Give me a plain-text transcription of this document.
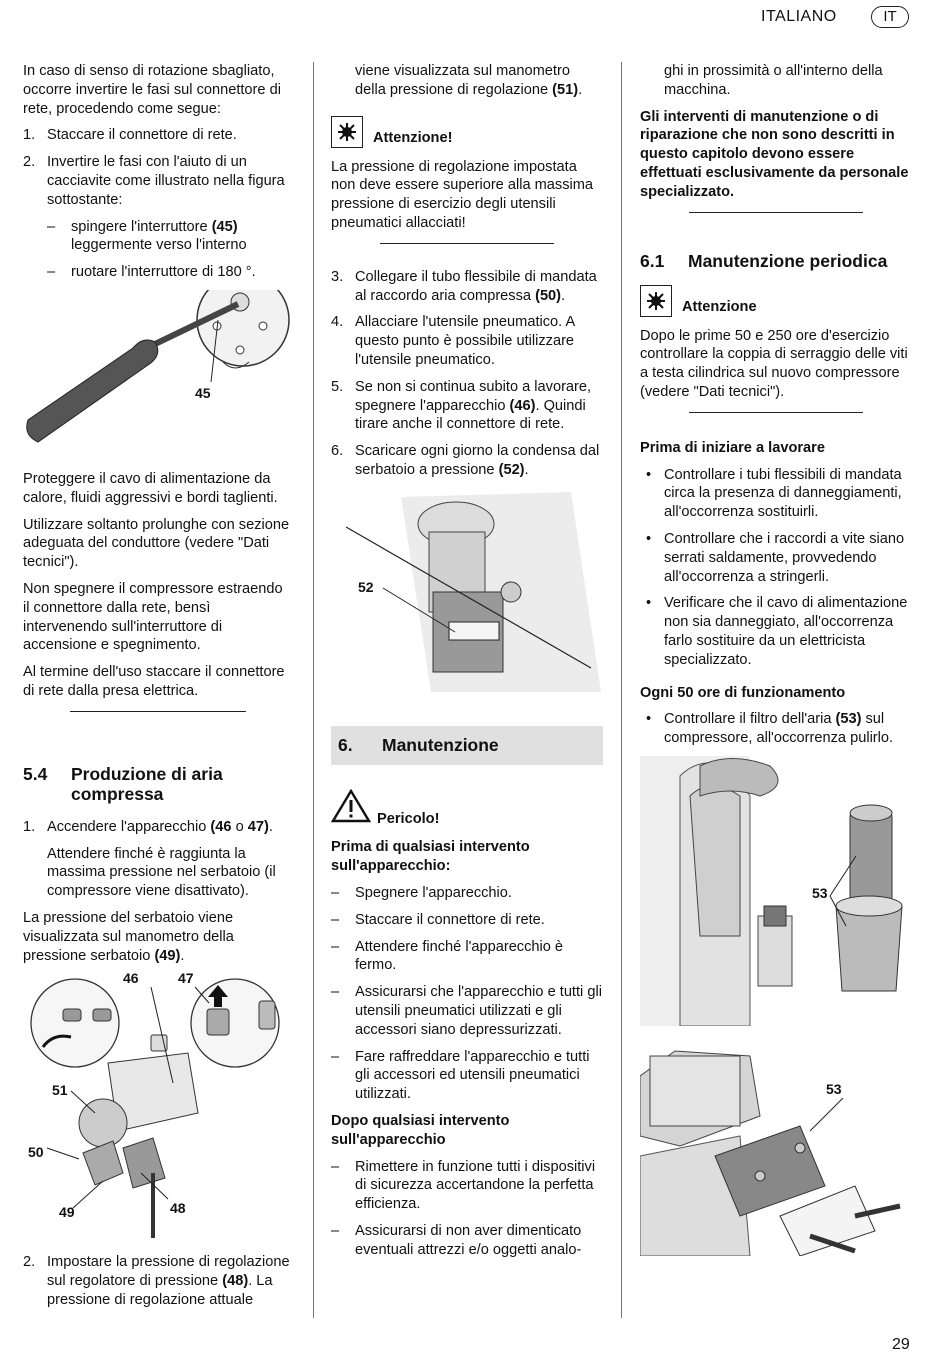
ITALIANO	IT

In caso di senso di rotazione sbagliato, occorre invertire le fasi sul connettore di rete, procedendo come segue:

1. Staccare il connettore di rete.
2. Invertire le fasi con l'aiuto di un cacciavite come illustrato nella figura sottostante:
–	spingere l'interruttore (45) leggermente verso l'interno
–	ruotare l'interruttore di 180 °.
45

Proteggere il cavo di alimentazione da calore, fluidi aggressivi e bordi taglienti.

Utilizzare soltanto prolunghe con sezione adeguata del conduttore (vedere "Dati tecnici").

Non spegnere il compressore estraendo il connettore dalla rete, bensì intervenendo sull'interruttore di accensione e spegnimento.

Al termine dell'uso staccare il connettore di rete dalla presa elettrica.

5.4	Produzione di aria compressa
1. Accendere l'apparecchio (46 o 47).

Attendere finché è raggiunta la massima pressione nel serbatoio (il compressore viene disattivato).

La pressione del serbatoio viene visualizzata sul manometro della pressione serbatoio (49).

46	47
51
50
49	48
2. Impostare la pressione di regolazione sul regolatore di pressione (48). La pressione di regolazione attuale

viene visualizzata sul manometro della pressione di regolazione (51).

Attenzione!

La pressione di regolazione impostata non deve essere superiore alla massima pressione di esercizio degli utensili pneumatici allacciati!

3. Collegare il tubo flessibile di mandata al raccordo aria compressa (50).
4. Allacciare l'utensile pneumatico. A questo punto è possibile utilizzare l'utensile pneumatico.
5. Se non si continua subito a lavorare, spegnere l'apparecchio (46). Quindi tirare anche il connettore di rete.
6. Scaricare ogni giorno la condensa dal serbatoio a pressione (52).
52
6.	Manutenzione
Pericolo!

Prima di qualsiasi intervento sull'apparecchio:

–	Spegnere l'apparecchio.
–	Staccare il connettore di rete.
–	Attendere finché l'apparecchio è fermo.
–	Assicurarsi che l'apparecchio e tutti gli utensili pneumatici utilizzati e gli accessori siano depressurizzati.
–	Fare raffreddare l'apparecchio e tutti gli accessori ed utensili pneumatici utilizzati.

Dopo qualsiasi intervento sull'apparecchio

–	Rimettere in funzione tutti i dispositivi di sicurezza accertandone la perfetta efficienza.
–	Assicurarsi di non aver dimenticato eventuali attrezzi e/o oggetti analo-

ghi in prossimità o all'interno della macchina.

Gli interventi di manutenzione o di riparazione che non sono descritti in questo capitolo devono essere effettuati esclusivamente da personale specializzato.

6.1	Manutenzione periodica
Attenzione

Dopo le prime 50 e 250 ore d'esercizio controllare la coppia di serraggio delle viti a testa cilindrica sul nuovo compressore (vedere "Dati tecnici").

Prima di iniziare a lavorare

• Controllare i tubi flessibili di mandata circa la presenza di danneggiamenti, all'occorrenza sostituirli.
• Controllare che i raccordi a vite siano serrati saldamente, provvedendo all'occorrenza a stringerli.
• Verificare che il cavo di alimentazione non sia danneggiato, all'occorrenza farlo sostituire da un elettricista specializzato.

Ogni 50 ore di funzionamento

• Controllare il filtro dell'aria (53) sul compressore, all'occorrenza pulirlo.
53
53
29
